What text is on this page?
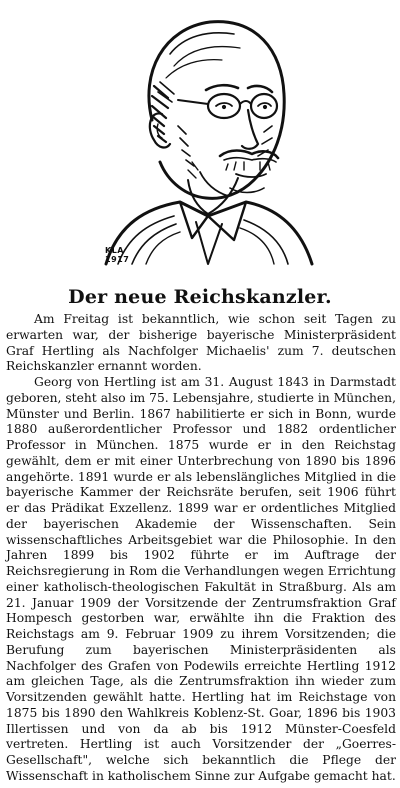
KLA
1917
Der neue Reichskanzler.

Am Freitag ist bekanntlich, wie schon seit Tagen zu erwarten war, der bisherige bayerische Ministerpräsident Graf Hertling als Nachfolger Michaelis' zum 7. deutschen Reichskanzler ernannt worden.

Georg von Hertling ist am 31. August 1843 in Darmstadt geboren, steht also im 75. Lebensjahre, studierte in München, Münster und Berlin. 1867 habilitierte er sich in Bonn, wurde 1880 außerordentlicher Professor und 1882 ordentlicher Professor in München. 1875 wurde er in den Reichstag gewählt, dem er mit einer Unterbrechung von 1890 bis 1896 angehörte. 1891 wurde er als lebenslängliches Mitglied in die bayerische Kammer der Reichsräte berufen, seit 1906 führt er das Prädikat Exzellenz. 1899 war er ordentliches Mitglied der bayerischen Akademie der Wissenschaften. Sein wissenschaftliches Arbeitsgebiet war die Philosophie. In den Jahren 1899 bis 1902 führte er im Auftrage der Reichsregierung in Rom die Verhandlungen wegen Errichtung einer katholisch-theologischen Fakultät in Straßburg. Als am 21. Januar 1909 der Vorsitzende der Zentrumsfraktion Graf Hompesch gestorben war, erwählte ihn die Fraktion des Reichstags am 9. Februar 1909 zu ihrem Vorsitzenden; die Berufung zum bayerischen Ministerpräsidenten als Nachfolger des Grafen von Podewils erreichte Hertling 1912 am gleichen Tage, als die Zentrumsfraktion ihn wieder zum Vorsitzenden gewählt hatte. Hertling hat im Reichstage von 1875 bis 1890 den Wahlkreis Koblenz-St. Goar, 1896 bis 1903 Illertissen und von da ab bis 1912 Münster-Coesfeld vertreten. Hertling ist auch Vorsitzender der „Goerres-Gesellschaft", welche sich bekanntlich die Pflege der Wissenschaft in katholischem Sinne zur Aufgabe gemacht hat.
